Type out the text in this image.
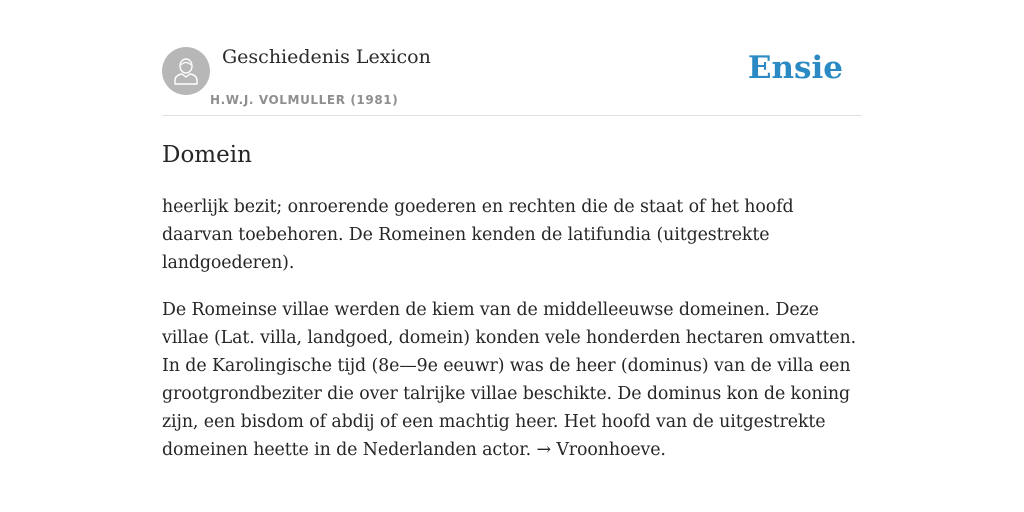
Geschiedenis Lexicon
H.W.J. VOLMULLER (1981)
Ensie
Domein

heerlijk bezit; onroerende goederen en rechten die de staat of het hoofd daarvan toebehoren. De Romeinen kenden de latifundia (uitgestrekte landgoederen).

De Romeinse villae werden de kiem van de middelleeuwse domeinen. Deze villae (Lat. villa, landgoed, domein) konden vele honderden hectaren omvatten. In de Karolingische tijd (8e—9e eeuwr) was de heer (dominus) van de villa een grootgrondbeziter die over talrijke villae beschikte. De dominus kon de koning zijn, een bisdom of abdij of een machtig heer. Het hoofd van de uitgestrekte domeinen heette in de Nederlanden actor. → Vroonhoeve.
